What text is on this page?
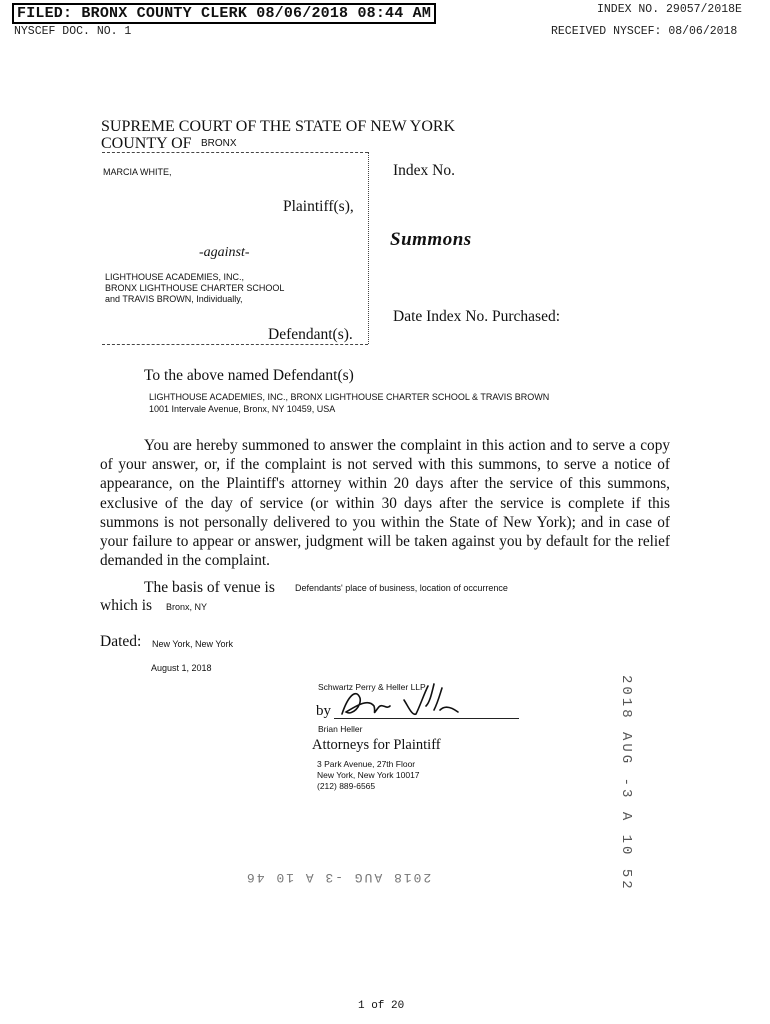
FILED: BRONX COUNTY CLERK 08/06/2018 08:44 AM	INDEX NO. 29057/2018E
NYSCEF DOC. NO. 1	RECEIVED NYSCEF: 08/06/2018
SUPREME COURT OF THE STATE OF NEW YORK
COUNTY OF BRONX
MARCIA WHITE,
Plaintiff(s),
-against-
LIGHTHOUSE ACADEMIES, INC.,
BRONX LIGHTHOUSE CHARTER SCHOOL
and TRAVIS BROWN, Individually,
Defendant(s).
Index No.
Summons
Date Index No. Purchased:
To the above named Defendant(s)
LIGHTHOUSE ACADEMIES, INC., BRONX LIGHTHOUSE CHARTER SCHOOL & TRAVIS BROWN
1001 Intervale Avenue, Bronx, NY 10459, USA
You are hereby summoned to answer the complaint in this action and to serve a copy of your answer, or, if the complaint is not served with this summons, to serve a notice of appearance, on the Plaintiff's attorney within 20 days after the service of this summons, exclusive of the day of service (or within 30 days after the service is complete if this summons is not personally delivered to you within the State of New York); and in case of your failure to appear or answer, judgment will be taken against you by default for the relief demanded in the complaint.
The basis of venue is Defendants' place of business, location of occurrence
which is Bronx, NY
Dated: New York, New York
August 1, 2018
Schwartz Perry & Heller LLP
by
Brian Heller
Attorneys for Plaintiff
3 Park Avenue, 27th Floor
New York, New York 10017
(212) 889-6565	2018 AUG -3 A 10 52
2018 AUG -3 A 10 46
1 of 20
